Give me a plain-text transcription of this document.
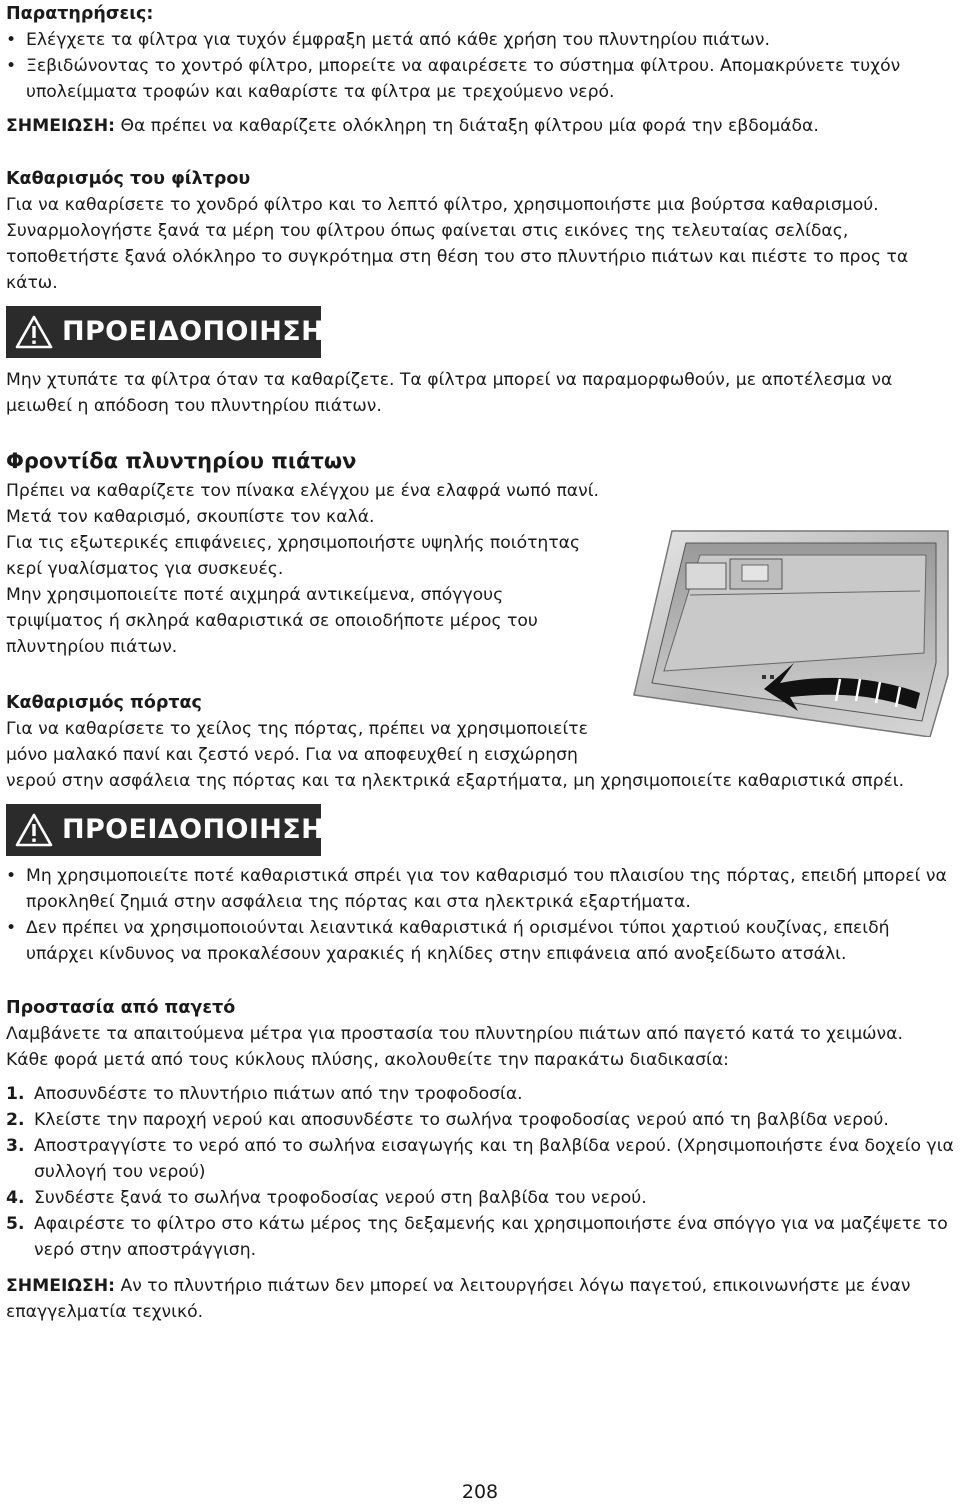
Παρατηρήσεις:
• Ελέγχετε τα φίλτρα για τυχόν έμφραξη μετά από κάθε χρήση του πλυντηρίου πιάτων.
• Ξεβιδώνοντας το χοντρό φίλτρο, μπορείτε να αφαιρέσετε το σύστημα φίλτρου. Απομακρύνετε τυχόν υπολείμματα τροφών και καθαρίστε τα φίλτρα με τρεχούμενο νερό.

ΣΗΜΕΙΩΣΗ: Θα πρέπει να καθαρίζετε ολόκληρη τη διάταξη φίλτρου μία φορά την εβδομάδα.

Καθαρισμός του φίλτρου

Για να καθαρίσετε το χονδρό φίλτρο και το λεπτό φίλτρο, χρησιμοποιήστε μια βούρτσα καθαρισμού.

Συναρμολογήστε ξανά τα μέρη του φίλτρου όπως φαίνεται στις εικόνες της τελευταίας σελίδας, τοποθετήστε ξανά ολόκληρο το συγκρότημα στη θέση του στο πλυντήριο πιάτων και πιέστε το προς τα κάτω.

ΠΡΟΕΙΔΟΠΟΙΗΣΗ:

Μην χτυπάτε τα φίλτρα όταν τα καθαρίζετε. Τα φίλτρα μπορεί να παραμορφωθούν, με αποτέλεσμα να μειωθεί η απόδοση του πλυντηρίου πιάτων.

Φροντίδα πλυντηρίου πιάτων
Πρέπει να καθαρίζετε τον πίνακα ελέγχου με ένα ελαφρά νωπό πανί.
Μετά τον καθαρισμό, σκουπίστε τον καλά.
Για τις εξωτερικές επιφάνειες, χρησιμοποιήστε υψηλής ποιότητας
κερί γυαλίσματος για συσκευές.
Μην χρησιμοποιείτε ποτέ αιχμηρά αντικείμενα, σπόγγους
τριψίματος ή σκληρά καθαριστικά σε οποιοδήποτε μέρος του
πλυντηρίου πιάτων.
Καθαρισμός πόρτας
Για να καθαρίσετε το χείλος της πόρτας, πρέπει να χρησιμοποιείτε
μόνο μαλακό πανί και ζεστό νερό. Για να αποφευχθεί η εισχώρηση
νερού στην ασφάλεια της πόρτας και τα ηλεκτρικά εξαρτήματα, μη χρησιμοποιείτε καθαριστικά σπρέι.
ΠΡΟΕΙΔΟΠΟΙΗΣΗ:
• Μη χρησιμοποιείτε ποτέ καθαριστικά σπρέι για τον καθαρισμό του πλαισίου της πόρτας, επειδή μπορεί να προκληθεί ζημιά στην ασφάλεια της πόρτας και στα ηλεκτρικά εξαρτήματα.
• Δεν πρέπει να χρησιμοποιούνται λειαντικά καθαριστικά ή ορισμένοι τύποι χαρτιού κουζίνας, επειδή υπάρχει κίνδυνος να προκαλέσουν χαρακιές ή κηλίδες στην επιφάνεια από ανοξείδωτο ατσάλι.
Προστασία από παγετό

Λαμβάνετε τα απαιτούμενα μέτρα για προστασία του πλυντηρίου πιάτων από παγετό κατά το χειμώνα.

Κάθε φορά μετά από τους κύκλους πλύσης, ακολουθείτε την παρακάτω διαδικασία:

1. Αποσυνδέστε το πλυντήριο πιάτων από την τροφοδοσία.
2. Κλείστε την παροχή νερού και αποσυνδέστε το σωλήνα τροφοδοσίας νερού από τη βαλβίδα νερού.
3. Αποστραγγίστε το νερό από το σωλήνα εισαγωγής και τη βαλβίδα νερού. (Χρησιμοποιήστε ένα δοχείο για συλλογή του νερού)
4. Συνδέστε ξανά το σωλήνα τροφοδοσίας νερού στη βαλβίδα του νερού.
5. Αφαιρέστε το φίλτρο στο κάτω μέρος της δεξαμενής και χρησιμοποιήστε ένα σπόγγο για να μαζέψετε το νερό στην αποστράγγιση.

ΣΗΜΕΙΩΣΗ: Αν το πλυντήριο πιάτων δεν μπορεί να λειτουργήσει λόγω παγετού, επικοινωνήστε με έναν επαγγελματία τεχνικό.

208
